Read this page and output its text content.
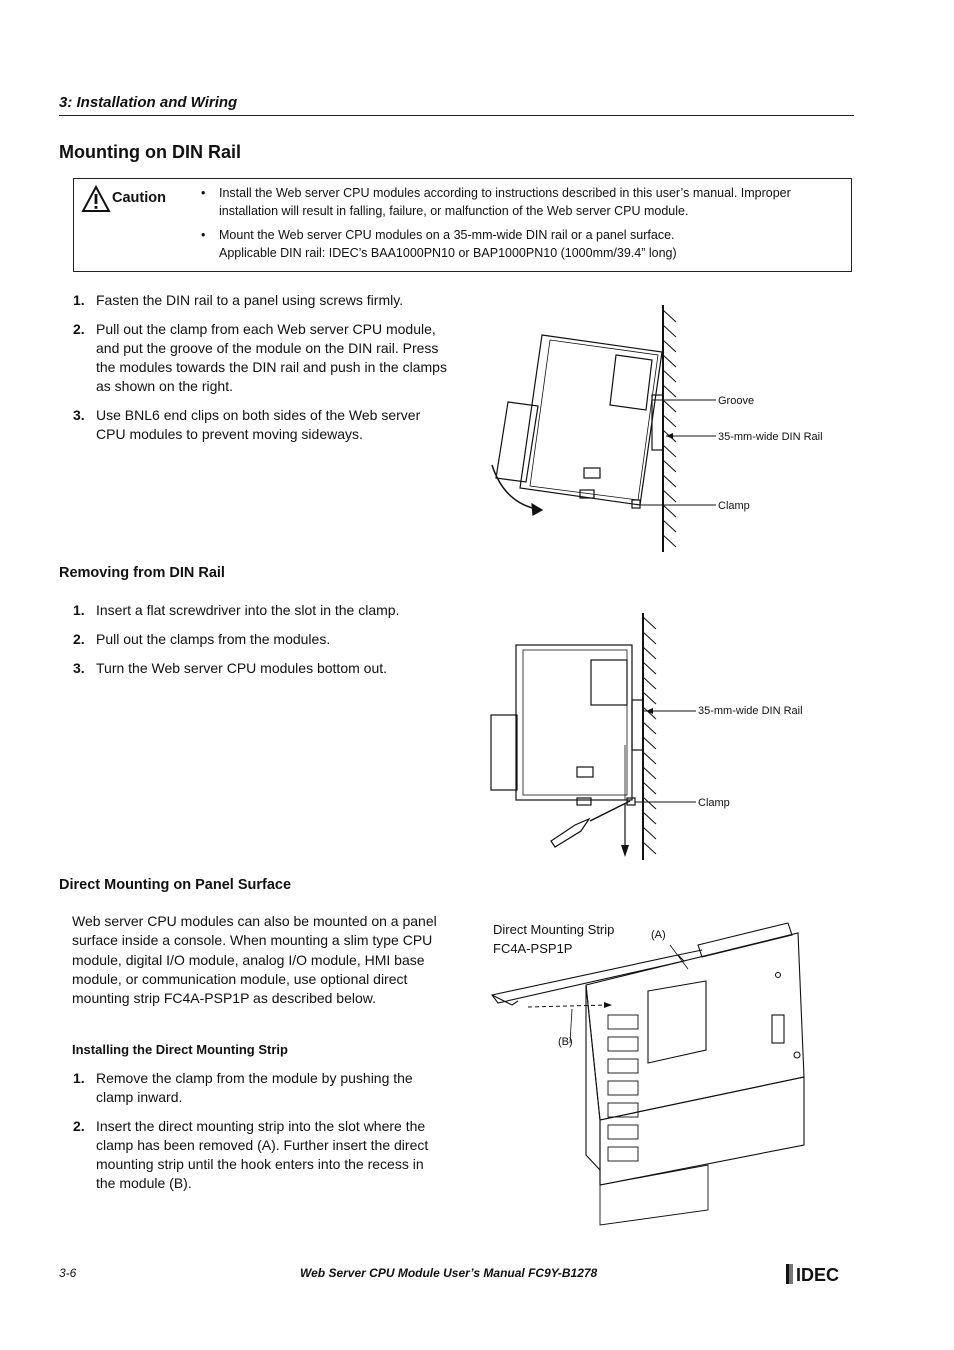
3: Installation and Wiring
Mounting on DIN Rail
Caution	• Install the Web server CPU modules according to instructions described in this user’s manual. Improper installation will result in falling, failure, or malfunction of the Web server CPU module.
• Mount the Web server CPU modules on a 35-mm-wide DIN rail or a panel surface.
Applicable DIN rail: IDEC’s BAA1000PN10 or BAP1000PN10 (1000mm/39.4” long)
1. Fasten the DIN rail to a panel using screws firmly.
2. Pull out the clamp from each Web server CPU module, and put the groove of the module on the DIN rail. Press the modules towards the DIN rail and push in the clamps as shown on the right.
3. Use BNL6 end clips on both sides of the Web server CPU modules to prevent moving sideways.
Groove
35-mm-wide DIN Rail
Clamp
Removing from DIN Rail
1. Insert a flat screwdriver into the slot in the clamp.
2. Pull out the clamps from the modules.
3. Turn the Web server CPU modules bottom out.
35-mm-wide DIN Rail
Clamp
Direct Mounting on Panel Surface
Web server CPU modules can also be mounted on a panel surface inside a console. When mounting a slim type CPU module, digital I/O module, analog I/O module, HMI base module, or communication module, use optional direct mounting strip FC4A-PSP1P as described below.
Installing the Direct Mounting Strip
1. Remove the clamp from the module by pushing the clamp inward.
2. Insert the direct mounting strip into the slot where the clamp has been removed (A). Further insert the direct mounting strip until the hook enters into the recess in the module (B).
Direct Mounting Strip
FC4A-PSP1P
(A)
(B)
3-6	Web Server CPU Module User’s Manual FC9Y-B1278	IDEC
